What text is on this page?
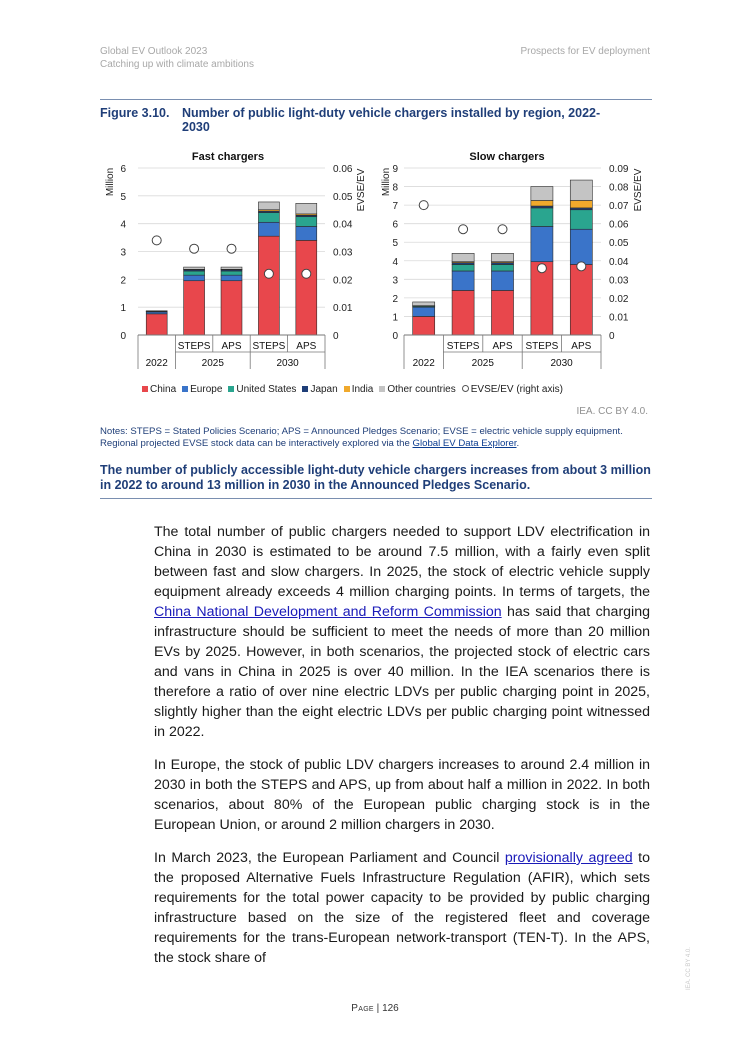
Global EV Outlook 2023
Catching up with climate ambitions
Prospects for EV deployment
Figure 3.10. Number of public light-duty vehicle chargers installed by region, 2022-
2030
Fast chargers
0
1
2
3
4
5
6
0
0.01
0.02
0.03
0.04
0.05
0.06
Million	EVSE/EV
STEPS APS STEPS APS
2022	2025	2030
Slow chargers
0
1
2
3
4
5
6
7
8
9
0
0.01
0.02
0.03
0.04
0.05
0.06
0.07
0.08
0.09
Million	EVSE/EV
STEPS APS STEPS APS
2022	2025	2030
China Europe United States Japan India Other countries EVSE/EV (right axis)
IEA. CC BY 4.0.
Notes: STEPS = Stated Policies Scenario; APS = Announced Pledges Scenario; EVSE = electric vehicle supply equipment. Regional projected EVSE stock data can be interactively explored via the Global EV Data Explorer.
The number of publicly accessible light-duty vehicle chargers increases from about 3 million in 2022 to around 13 million in 2030 in the Announced Pledges Scenario.

The total number of public chargers needed to support LDV electrification in China in 2030 is estimated to be around 7.5 million, with a fairly even split between fast and slow chargers. In 2025, the stock of electric vehicle supply equipment already exceeds 4 million charging points. In terms of targets, the China National Development and Reform Commission has said that charging infrastructure should be sufficient to meet the needs of more than 20 million EVs by 2025. However, in both scenarios, the projected stock of electric cars and vans in China in 2025 is over 40 million. In the IEA scenarios there is therefore a ratio of over nine electric LDVs per public charging point in 2025, slightly higher than the eight electric LDVs per public charging point witnessed in 2022.

In Europe, the stock of public LDV chargers increases to around 2.4 million in 2030 in both the STEPS and APS, up from about half a million in 2022. In both scenarios, about 80% of the European public charging stock is in the European Union, or around 2 million chargers in 2030.

In March 2023, the European Parliament and Council provisionally agreed to the proposed Alternative Fuels Infrastructure Regulation (AFIR), which sets requirements for the total power capacity to be provided by public charging infrastructure based on the size of the registered fleet and coverage requirements for the trans-European network-transport (TEN-T). In the APS, the stock share of

Page | 126
IEA. CC BY 4.0.
